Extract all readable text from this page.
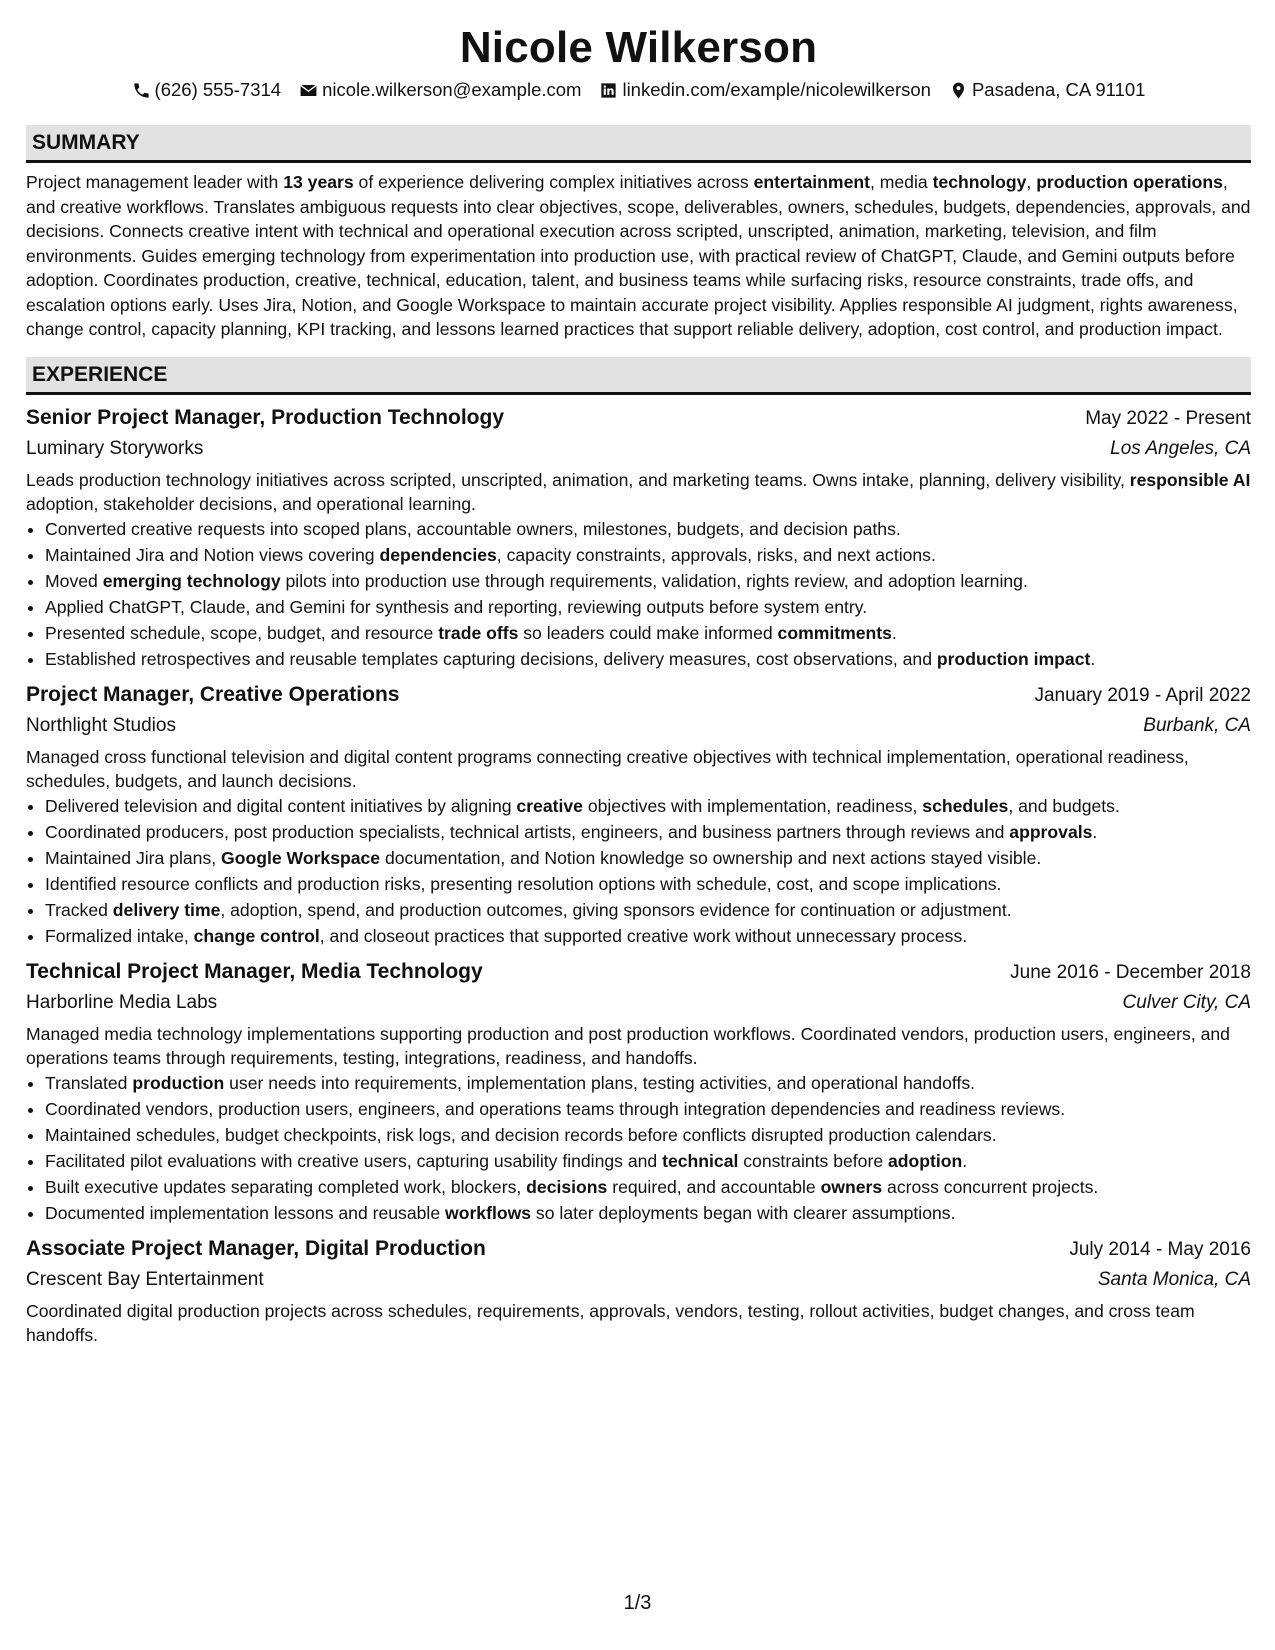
Nicole Wilkerson
(626) 555-7314 nicole.wilkerson@example.com linkedin.com/example/nicolewilkerson Pasadena, CA 91101
SUMMARY
Project management leader with 13 years of experience delivering complex initiatives across entertainment, media technology, production operations, and creative workflows. Translates ambiguous requests into clear objectives, scope, deliverables, owners, schedules, budgets, dependencies, approvals, and decisions. Connects creative intent with technical and operational execution across scripted, unscripted, animation, marketing, television, and film environments. Guides emerging technology from experimentation into production use, with practical review of ChatGPT, Claude, and Gemini outputs before adoption. Coordinates production, creative, technical, education, talent, and business teams while surfacing risks, resource constraints, trade offs, and escalation options early. Uses Jira, Notion, and Google Workspace to maintain accurate project visibility. Applies responsible AI judgment, rights awareness, change control, capacity planning, KPI tracking, and lessons learned practices that support reliable delivery, adoption, cost control, and production impact.
EXPERIENCE
Senior Project Manager, Production Technology	May 2022 - Present
Luminary Storyworks	Los Angeles, CA
Leads production technology initiatives across scripted, unscripted, animation, and marketing teams. Owns intake, planning, delivery visibility, responsible AI adoption, stakeholder decisions, and operational learning.
• Converted creative requests into scoped plans, accountable owners, milestones, budgets, and decision paths.
• Maintained Jira and Notion views covering dependencies, capacity constraints, approvals, risks, and next actions.
• Moved emerging technology pilots into production use through requirements, validation, rights review, and adoption learning.
• Applied ChatGPT, Claude, and Gemini for synthesis and reporting, reviewing outputs before system entry.
• Presented schedule, scope, budget, and resource trade offs so leaders could make informed commitments.
• Established retrospectives and reusable templates capturing decisions, delivery measures, cost observations, and production impact.
Project Manager, Creative Operations	January 2019 - April 2022
Northlight Studios	Burbank, CA
Managed cross functional television and digital content programs connecting creative objectives with technical implementation, operational readiness, schedules, budgets, and launch decisions.
• Delivered television and digital content initiatives by aligning creative objectives with implementation, readiness, schedules, and budgets.
• Coordinated producers, post production specialists, technical artists, engineers, and business partners through reviews and approvals.
• Maintained Jira plans, Google Workspace documentation, and Notion knowledge so ownership and next actions stayed visible.
• Identified resource conflicts and production risks, presenting resolution options with schedule, cost, and scope implications.
• Tracked delivery time, adoption, spend, and production outcomes, giving sponsors evidence for continuation or adjustment.
• Formalized intake, change control, and closeout practices that supported creative work without unnecessary process.
Technical Project Manager, Media Technology	June 2016 - December 2018
Harborline Media Labs	Culver City, CA
Managed media technology implementations supporting production and post production workflows. Coordinated vendors, production users, engineers, and operations teams through requirements, testing, integrations, readiness, and handoffs.
• Translated production user needs into requirements, implementation plans, testing activities, and operational handoffs.
• Coordinated vendors, production users, engineers, and operations teams through integration dependencies and readiness reviews.
• Maintained schedules, budget checkpoints, risk logs, and decision records before conflicts disrupted production calendars.
• Facilitated pilot evaluations with creative users, capturing usability findings and technical constraints before adoption.
• Built executive updates separating completed work, blockers, decisions required, and accountable owners across concurrent projects.
• Documented implementation lessons and reusable workflows so later deployments began with clearer assumptions.
Associate Project Manager, Digital Production	July 2014 - May 2016
Crescent Bay Entertainment	Santa Monica, CA
Coordinated digital production projects across schedules, requirements, approvals, vendors, testing, rollout activities, budget changes, and cross team handoffs.
1/3
